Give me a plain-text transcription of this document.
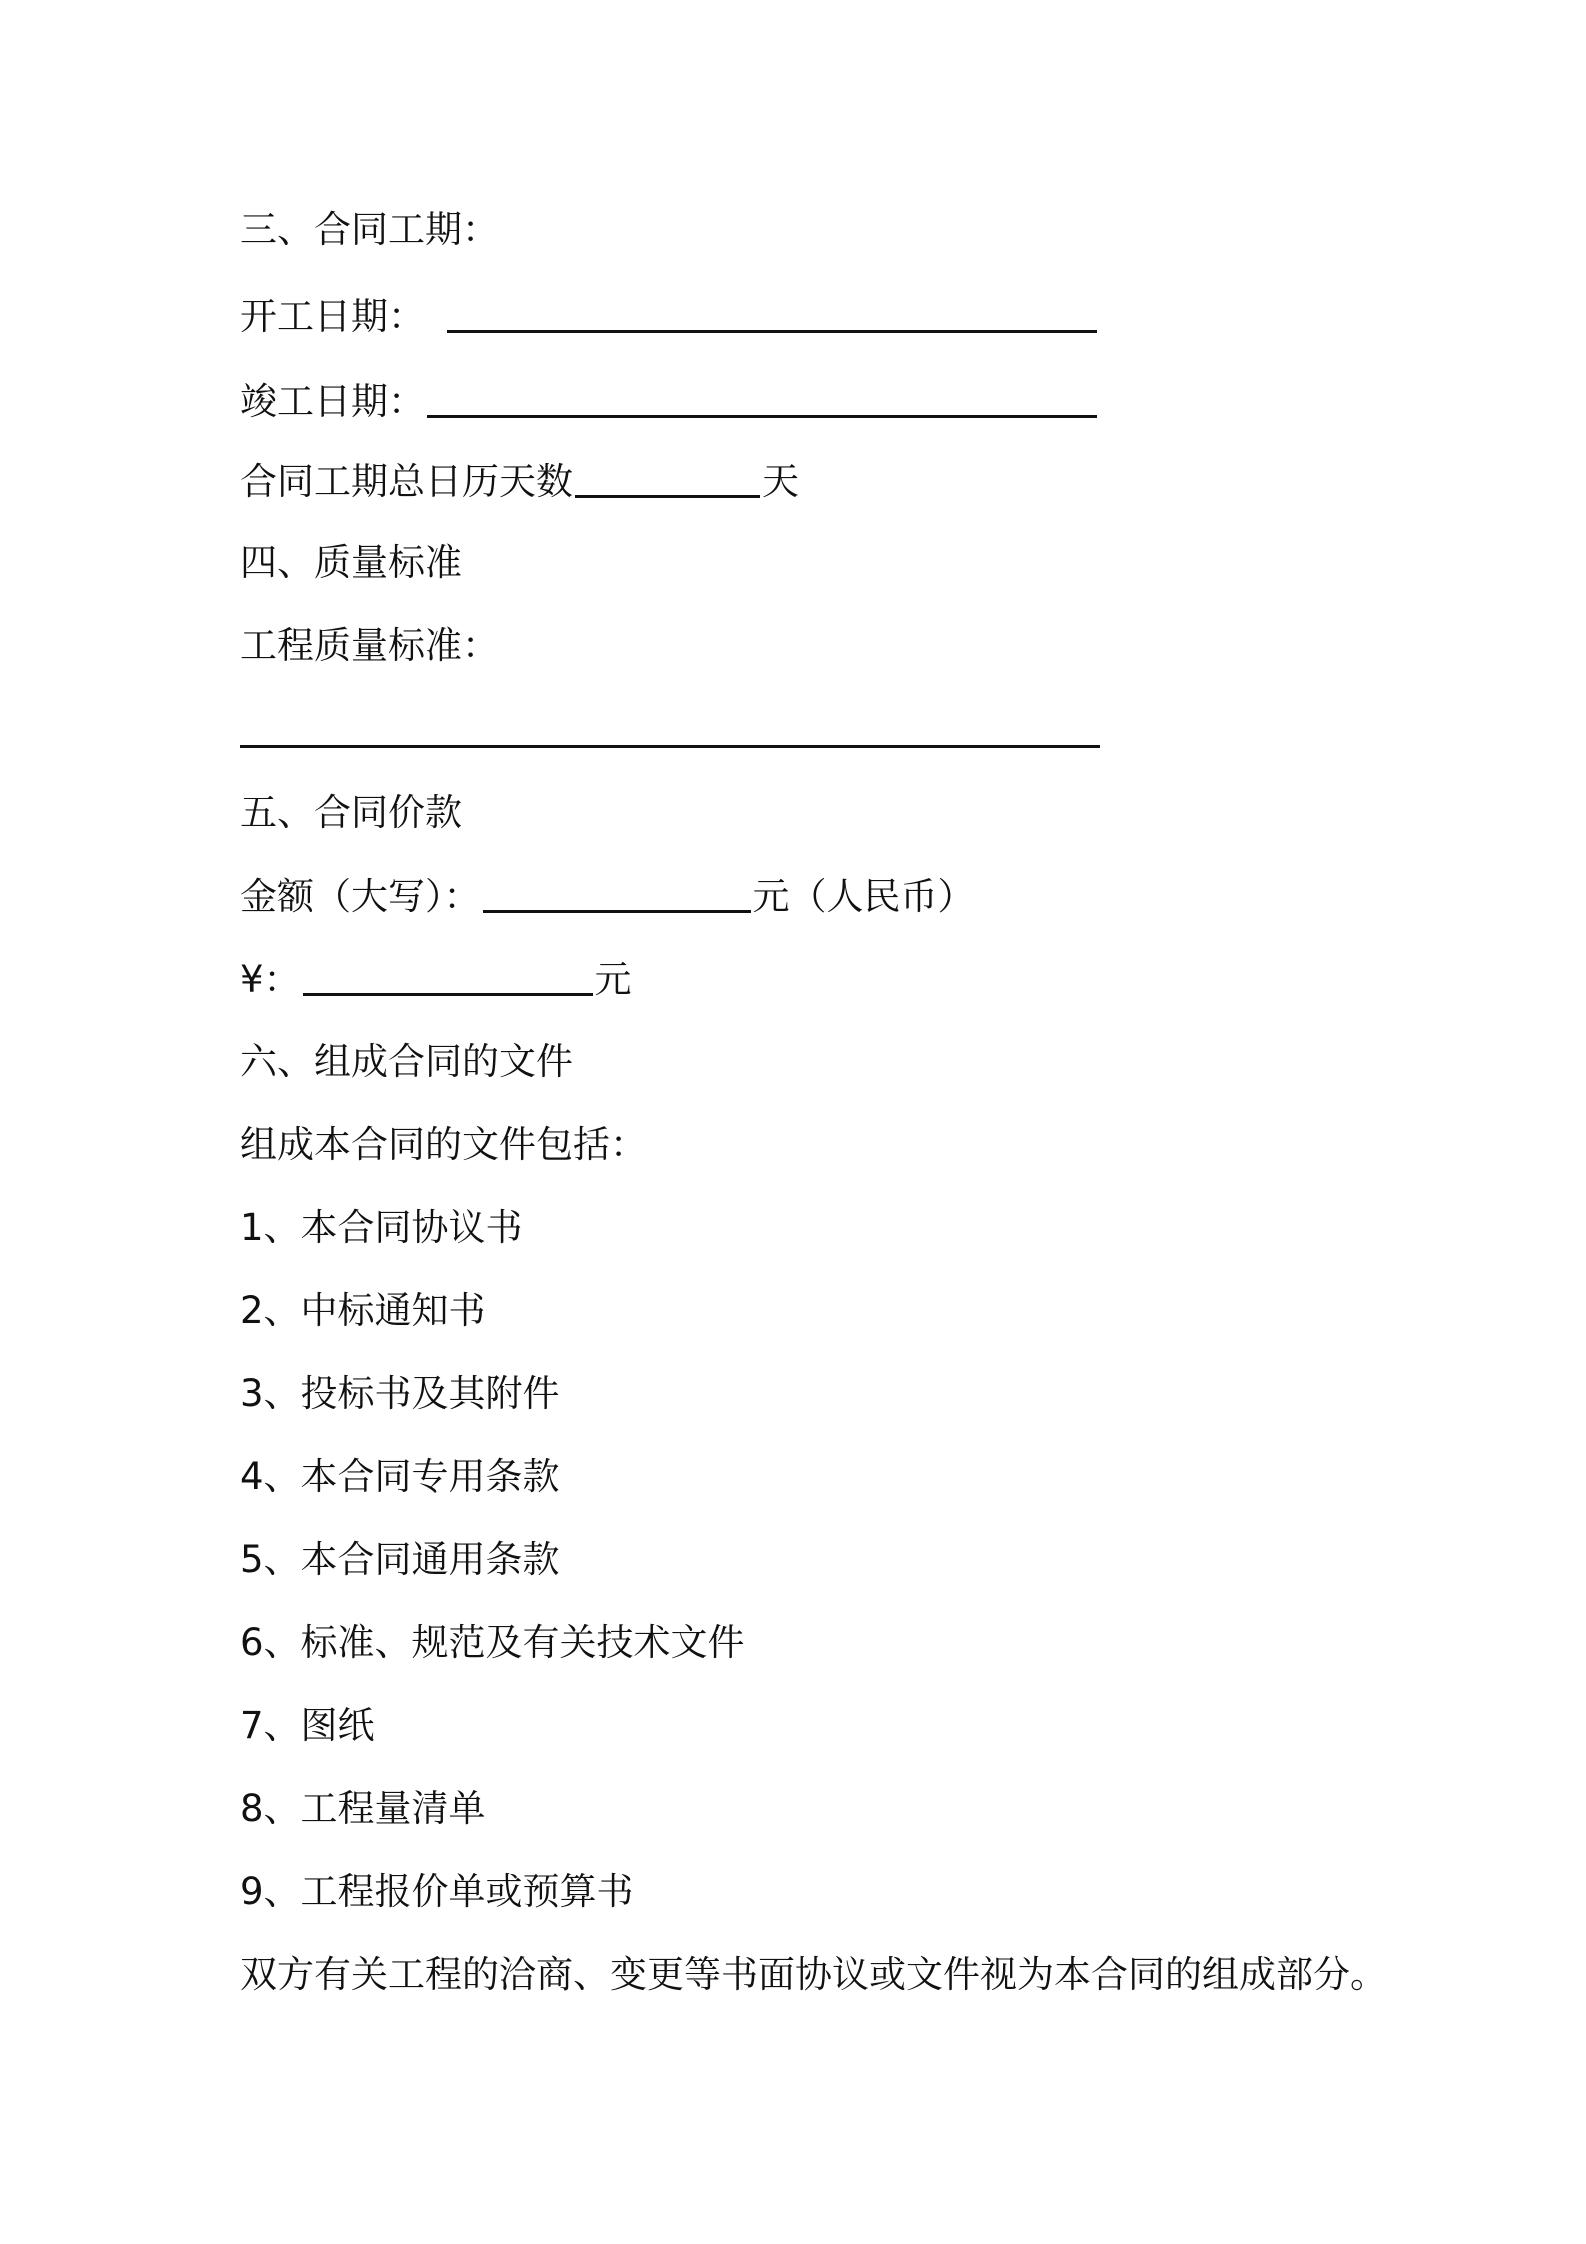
三、合同工期：
开工日期：
竣工日期：
合同工期总日历天数	天
四、质量标准
工程质量标准：
五、合同价款
金额（大写）：	元（人民币）
¥：	元
六、组成合同的文件
组成本合同的文件包括：
1、本合同协议书
2、中标通知书
3、投标书及其附件
4、本合同专用条款
5、本合同通用条款
6、标准、规范及有关技术文件
7、图纸
8、工程量清单
9、工程报价单或预算书
双方有关工程的洽商、变更等书面协议或文件视为本合同的组成部分。
